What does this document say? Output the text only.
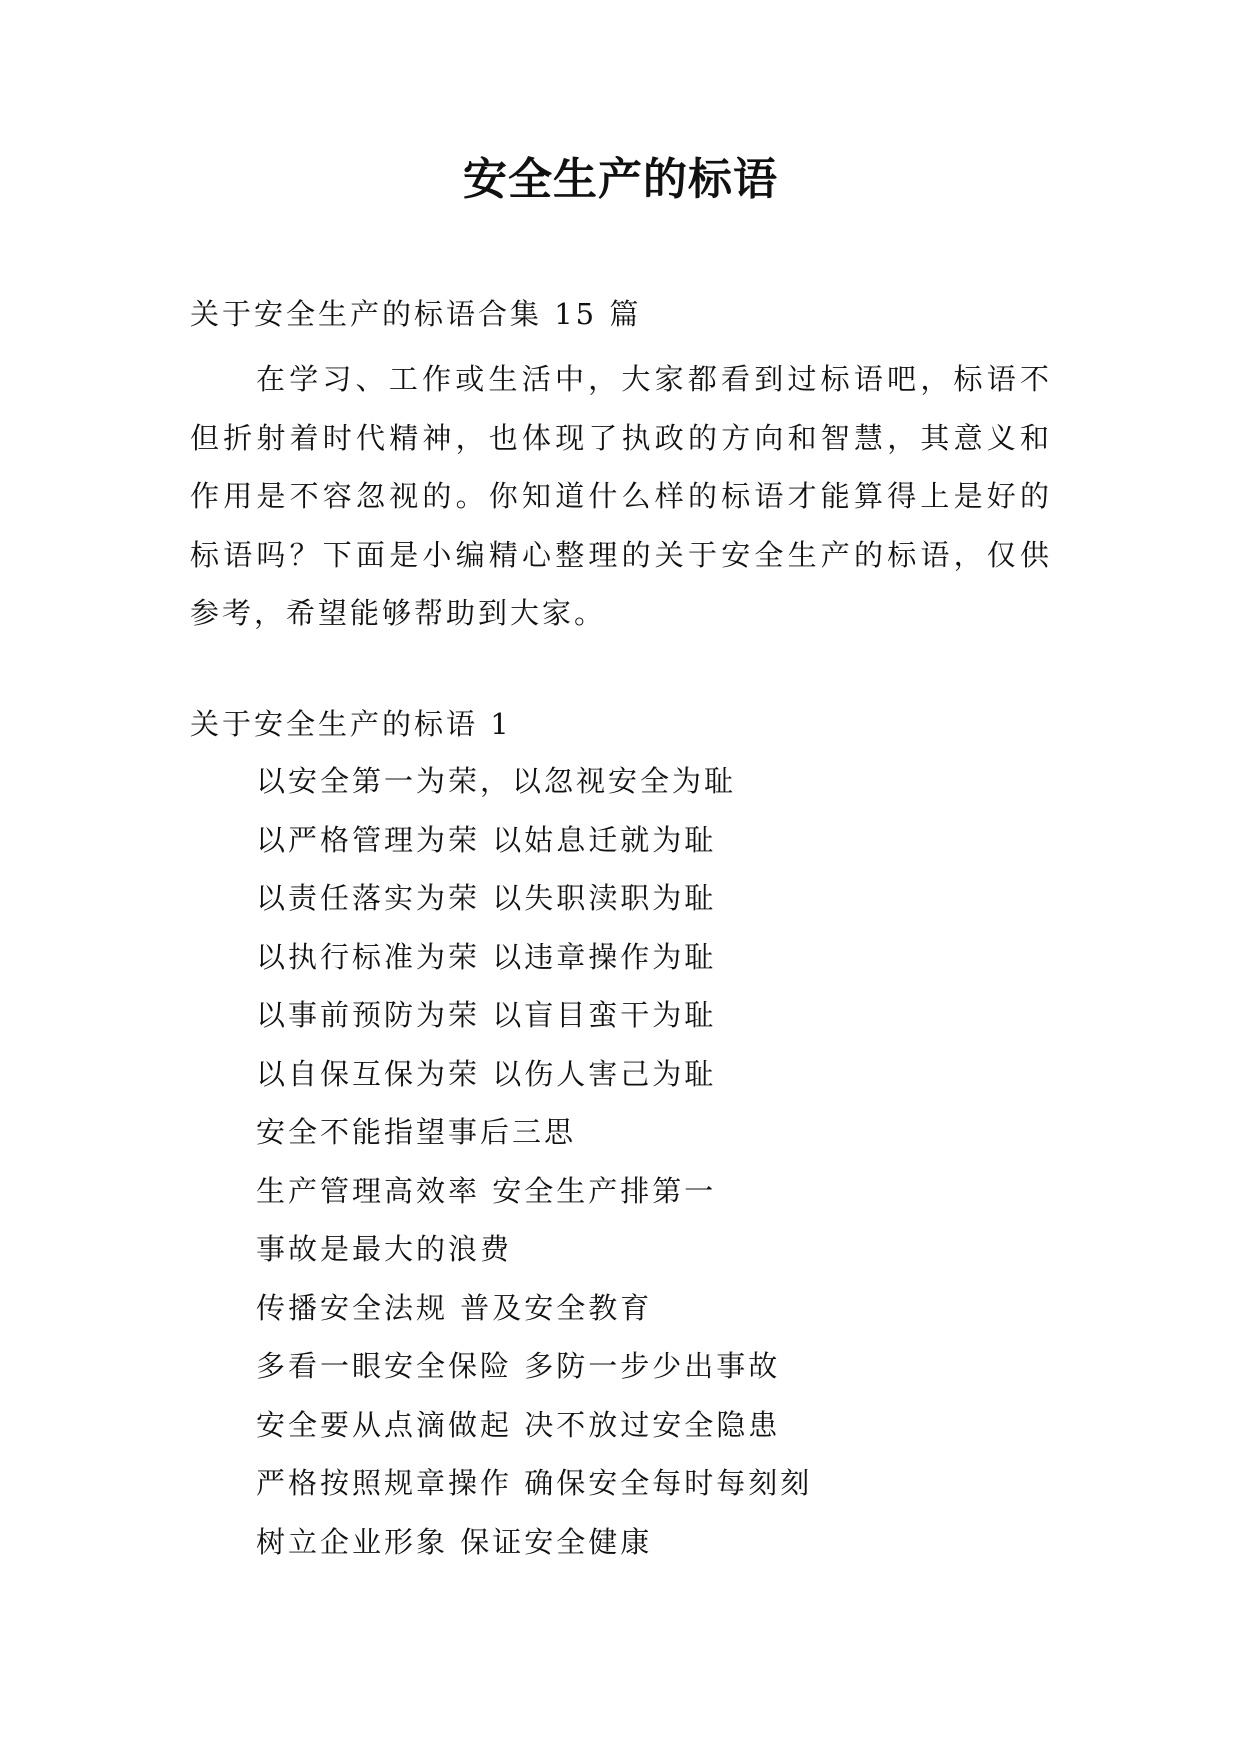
安全生产的标语
关于安全生产的标语合集 15 篇

在学习、工作或生活中，大家都看到过标语吧，标语不但折射着时代精神，也体现了执政的方向和智慧，其意义和作用是不容忽视的。你知道什么样的标语才能算得上是好的标语吗？下面是小编精心整理的关于安全生产的标语，仅供参考，希望能够帮助到大家。

关于安全生产的标语 1
以安全第一为荣，以忽视安全为耻
以严格管理为荣 以姑息迁就为耻
以责任落实为荣 以失职渎职为耻
以执行标准为荣 以违章操作为耻
以事前预防为荣 以盲目蛮干为耻
以自保互保为荣 以伤人害己为耻
安全不能指望事后三思
生产管理高效率 安全生产排第一
事故是最大的浪费
传播安全法规 普及安全教育
多看一眼安全保险 多防一步少出事故
安全要从点滴做起 决不放过安全隐患
严格按照规章操作 确保安全每时每刻刻
树立企业形象 保证安全健康
